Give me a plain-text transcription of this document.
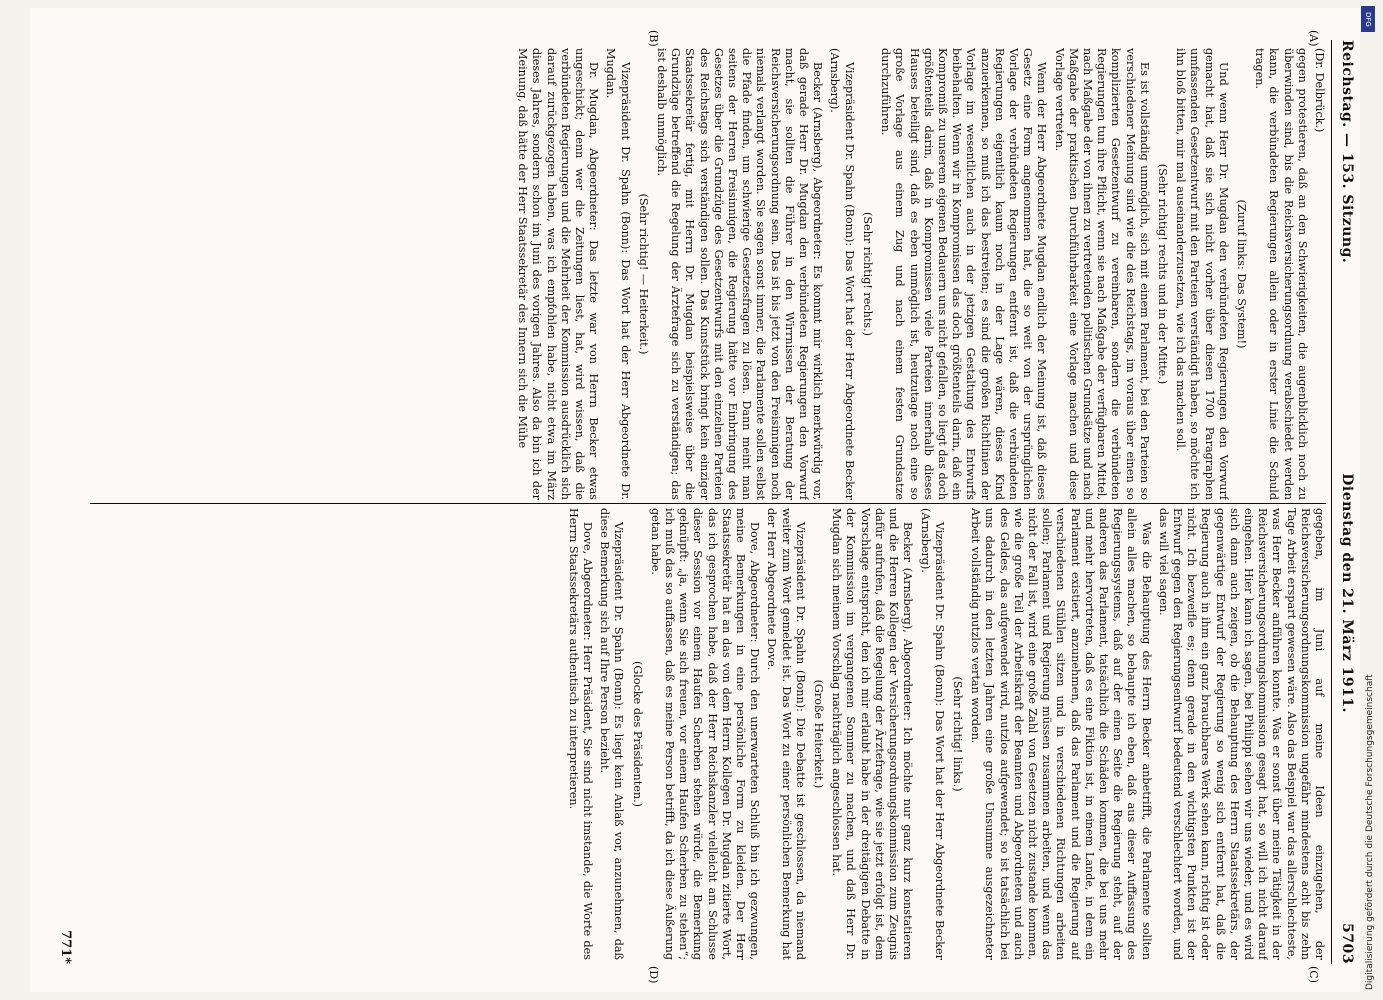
Reichstag. — 153. Sitzung.
Dienstag den 21. März 1911.
5703
(A)
(B)
(C)
(D)

(Dr. Delbrück.)

gegen protestieren, daß an den Schwierigkeiten, die augenblicklich noch zu überwinden sind, bis die Reichsversicherungsordnung verabschiedet werden kann, die verbündeten Regierungen allein oder in erster Linie die Schuld tragen.

(Zuruf links: Das System!)

Und wenn Herr Dr. Mugdan den verbündeten Regierungen den Vorwurf gemacht hat, daß sie sich nicht vorher über diesen 1700 Paragraphen umfassenden Gesetzentwurf mit den Parteien verständigt haben, so möchte ich ihn bloß bitten, mir mal auseinanderzusetzen, wie ich das machen soll.

(Sehr richtig! rechts und in der Mitte.)

Es ist vollständig unmöglich, sich mit einem Parlament, bei den Parteien so verschiedener Meinung sind wie die des Reichstags, im voraus über einen so komplizierten Gesetzentwurf zu vereinbaren, sondern die verbündeten Regierungen tun ihre Pflicht, wenn sie nach Maßgabe der verfügbaren Mittel, nach Maßgabe der von ihnen zu vertretenden politischen Grundsätze und nach Maßgabe der praktischen Durchführbarkeit eine Vorlage machen und diese Vorlage vertreten.

Wenn der Herr Abgeordnete Mugdan endlich der Meinung ist, daß dieses Gesetz eine Form angenommen hat, die so weit von der ursprünglichen Vorlage der verbündeten Regierungen entfernt ist, daß die verbündeten Regierungen eigentlich kaum noch in der Lage wären, dieses Kind anzuerkennen, so muß ich das bestreiten; es sind die großen Richtlinien der Vorlage im wesentlichen auch in der jetzigen Gestaltung des Entwurfs beibehalten. Wenn wir in Kompromissen das doch größtenteils darin, daß ein Kompromiß zu unserem eigenen Bedauern uns nicht gefallen, so liegt das doch größtenteils darin, daß in Kompromissen viele Parteien innerhalb dieses Hauses beteiligt sind, daß es eben unmöglich ist, heutzutage noch eine so große Vorlage aus einem Zug und nach einem festen Grundsatze durchzuführen.

(Sehr richtig! rechts.)

Vizepräsident Dr. Spahn (Bonn): Das Wort hat der Herr Abgeordnete Becker (Arnsberg).

Becker (Arnsberg), Abgeordneter: Es kommt mir wirklich merkwürdig vor, daß gerade Herr Dr. Mugdan den verbündeten Regierungen den Vorwurf macht, sie sollten die Führer in den Wirrnissen der Beratung der Reichsversicherungsordnung sein. Das ist bis jetzt von den Freisinnigen noch niemals verlangt worden. Sie sagen sonst immer, die Parlamente sollen selbst die Pfade finden, um schwierige Gesetzesfragen zu lösen. Dann meint man seitens der Herren Freisinnigen, die Regierung hätte vor Einbringung des Gesetzes über die Grundzüge des Gesetzentwurfs mit den einzelnen Parteien des Reichstags sich verständigen sollen. Das Kunststück bringt kein einziger Staatssekretär fertig, mit Herrn Dr. Mugdan beispielsweise über die Grundzüge betreffend die Regelung der Ärztefrage sich zu verständigen; das ist deshalb unmöglich.

(Sehr richtig! — Heiterkeit.)

Vizepräsident Dr. Spahn (Bonn): Das Wort hat der Herr Abgeordnete Dr. Mugdan.

Dr. Mugdan, Abgeordneter: Das letzte war von Herrn Becker etwas ungeschickt; denn wer die Zeitungen liest, hat, wird wissen, daß die verbündeten Regierungen und die Mehrheit der Kommission ausdrücklich sich darauf zurückgezogen haben, was ich empfohlen habe, nicht etwa im März dieses Jahres, sondern schon im Juni des vorigen Jahres. Also da bin ich der Meinung, daß hätte der Herr Staatssekretär des Innern sich die Mühe

gegeben, im Juni auf meine Ideen einzugehen, der Reichsversicherungsordnungskommission ungefähr mindestens acht bis zehn Tage Arbeit erspart gewesen wäre. Also das Beispiel war das allerschlechteste, was Herr Becker anführen konnte. Was er sonst über meine Tätigkeit in der Reichsversicherungsordnungskommission gesagt hat, so will ich nicht darauf eingehen. Hier kann ich sagen, bei Philippi sehen wir uns wieder, und es wird sich dann auch zeigen, ob die Behauptung des Herrn Staatssekretärs, der gegenwärtige Entwurf der Regierung so wenig sich entfernt hat, daß die Regierung auch in ihm ein ganz brauchbares Werk sehen kann, richtig ist oder nicht. Ich bezweifle es; denn gerade in den wichtigsten Punkten ist der Entwurf gegen den Regierungsentwurf bedeutend verschlechtert worden, und das will viel sagen.

Was die Behauptung des Herrn Becker anbetrifft, die Parlamente sollten allein alles machen, so behaupte ich eben, daß aus dieser Auffassung des Regierungssystems, daß auf der einen Seite die Regierung steht, auf der anderen das Parlament, tatsächlich die Schäden kommen, die bei uns mehr und mehr hervortreten, daß es eine Fiktion ist, in einem Lande, in dem ein Parlament existiert, anzunehmen, daß das Parlament und die Regierung auf verschiedenen Stühlen sitzen und in verschiedenen Richtungen arbeiten sollen; Parlament und Regierung müssen zusammen arbeiten, und wenn das nicht der Fall ist, wird eine große Zahl von Gesetzen nicht zustande kommen, wie die große Teil der Arbeitskraft der Beamten und Abgeordneten und auch des Geldes, das aufgewendet wird, nutzlos aufgewendet; so ist tatsächlich bei uns dadurch in den letzten Jahren eine große Unsumme ausgezeichneter Arbeit vollständig nutzlos vertan worden.

(Sehr richtig! links.)

Vizepräsident Dr. Spahn (Bonn): Das Wort hat der Herr Abgeordnete Becker (Arnsberg).

Becker (Arnsberg), Abgeordneter: Ich möchte nur ganz kurz konstatieren und die Herren Kollegen der Versicherungsordnungskommission zum Zeugnis dafür aufrufen, daß die Regelung der Ärztefrage, wie sie jetzt erfolgt ist, dem Vorschlage entspricht, den ich mir erlaubt habe in der dreitägigen Debatte in der Kommission im vergangenen Sommer zu machen, und daß Herr Dr. Mugdan sich meinem Vorschlag nachträglich angeschlossen hat.

(Große Heiterkeit.)

Vizepräsident Dr. Spahn (Bonn): Die Debatte ist geschlossen, da niemand weiter zum Wort gemeldet ist. Das Wort zu einer persönlichen Bemerkung hat der Herr Abgeordnete Dove.

Dove, Abgeordneter: Durch den unerwarteten Schluß bin ich gezwungen, meine Bemerkungen in eine persönliche Form zu kleiden. Der Herr Staatssekretär hat an das von dem Herrn Kollegen Dr. Mugdan zitierte Wort, das ich gesprochen habe, daß der Herr Reichskanzler vielleicht am Schlusse dieser Session vor einem Haufen Scherben stehen würde, die Bemerkung geknüpft: „ja, wenn Sie sich freuen, vor einem Haufen Scherben zu stehen“; ich muß das so auffassen, daß es meine Person betrifft, da ich diese Äußerung getan habe.

(Glocke des Präsidenten.)

Vizepräsident Dr. Spahn (Bonn): Es liegt kein Anlaß vor, anzunehmen, daß diese Bemerkung sich auf Ihre Person bezieht.

Dove, Abgeordneter: Herr Präsident, Sie sind nicht imstande, die Worte des Herrn Staatssekretärs authentisch zu interpretieren.

771*
DFG
Digitalisierung gefördert durch die Deutsche Forschungsgemeinschaft
